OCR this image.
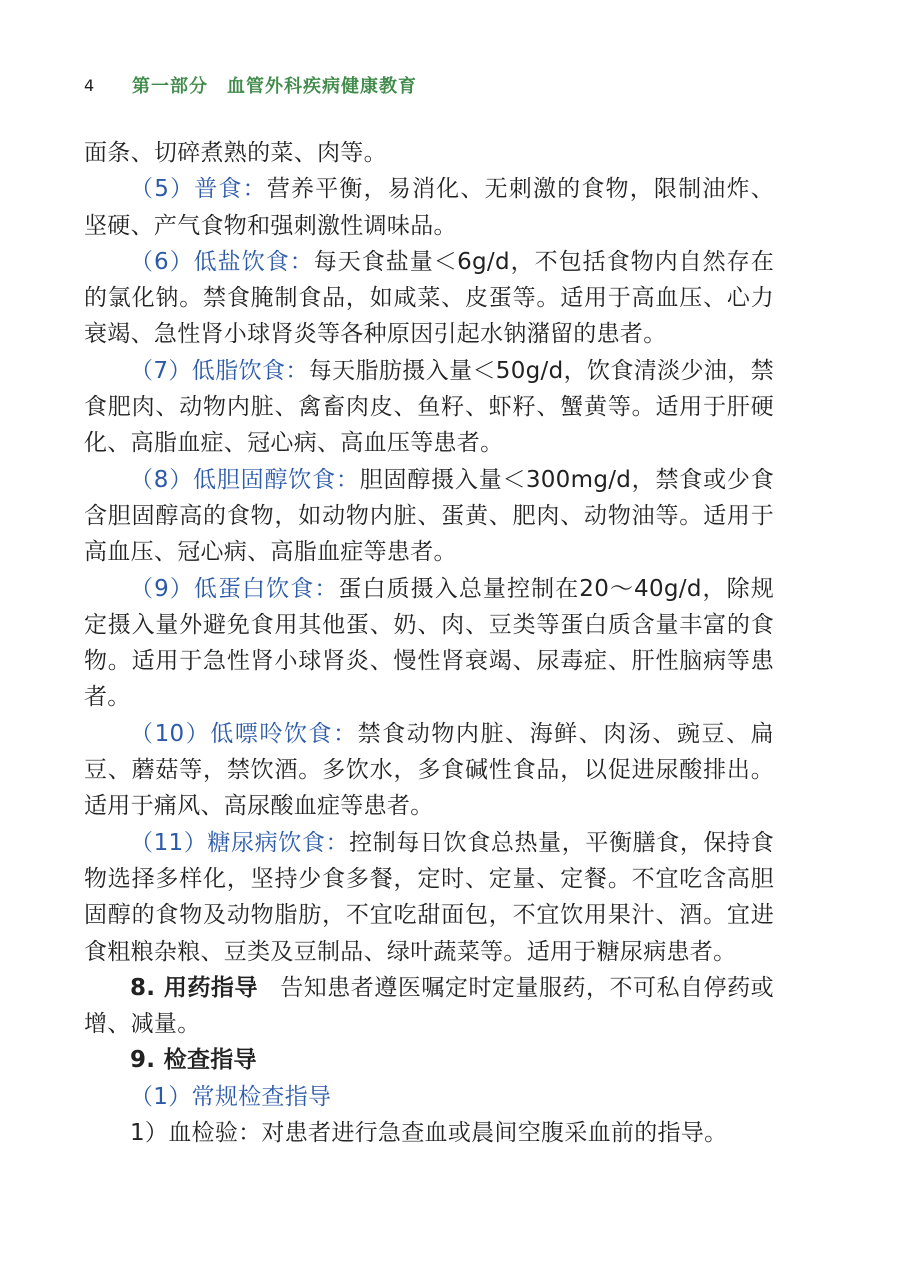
4	第一部分　血管外科疾病健康教育

面条、切碎煮熟的菜、肉等。

（5）普食：营养平衡，易消化、无刺激的食物，限制油炸、坚硬、产气食物和强刺激性调味品。

（6）低盐饮食：每天食盐量＜6g/d，不包括食物内自然存在的氯化钠。禁食腌制食品，如咸菜、皮蛋等。适用于高血压、心力衰竭、急性肾小球肾炎等各种原因引起水钠潴留的患者。

（7）低脂饮食：每天脂肪摄入量＜50g/d，饮食清淡少油，禁食肥肉、动物内脏、禽畜肉皮、鱼籽、虾籽、蟹黄等。适用于肝硬化、高脂血症、冠心病、高血压等患者。

（8）低胆固醇饮食：胆固醇摄入量＜300mg/d，禁食或少食含胆固醇高的食物，如动物内脏、蛋黄、肥肉、动物油等。适用于高血压、冠心病、高脂血症等患者。

（9）低蛋白饮食：蛋白质摄入总量控制在20～40g/d，除规定摄入量外避免食用其他蛋、奶、肉、豆类等蛋白质含量丰富的食物。适用于急性肾小球肾炎、慢性肾衰竭、尿毒症、肝性脑病等患者。

（10）低嘌呤饮食：禁食动物内脏、海鲜、肉汤、豌豆、扁豆、蘑菇等，禁饮酒。多饮水，多食碱性食品，以促进尿酸排出。适用于痛风、高尿酸血症等患者。

（11）糖尿病饮食：控制每日饮食总热量，平衡膳食，保持食物选择多样化，坚持少食多餐，定时、定量、定餐。不宜吃含高胆固醇的食物及动物脂肪，不宜吃甜面包，不宜饮用果汁、酒。宜进食粗粮杂粮、豆类及豆制品、绿叶蔬菜等。适用于糖尿病患者。

8. 用药指导 告知患者遵医嘱定时定量服药，不可私自停药或增、减量。

9. 检查指导

（1）常规检查指导

1）血检验：对患者进行急查血或晨间空腹采血前的指导。
